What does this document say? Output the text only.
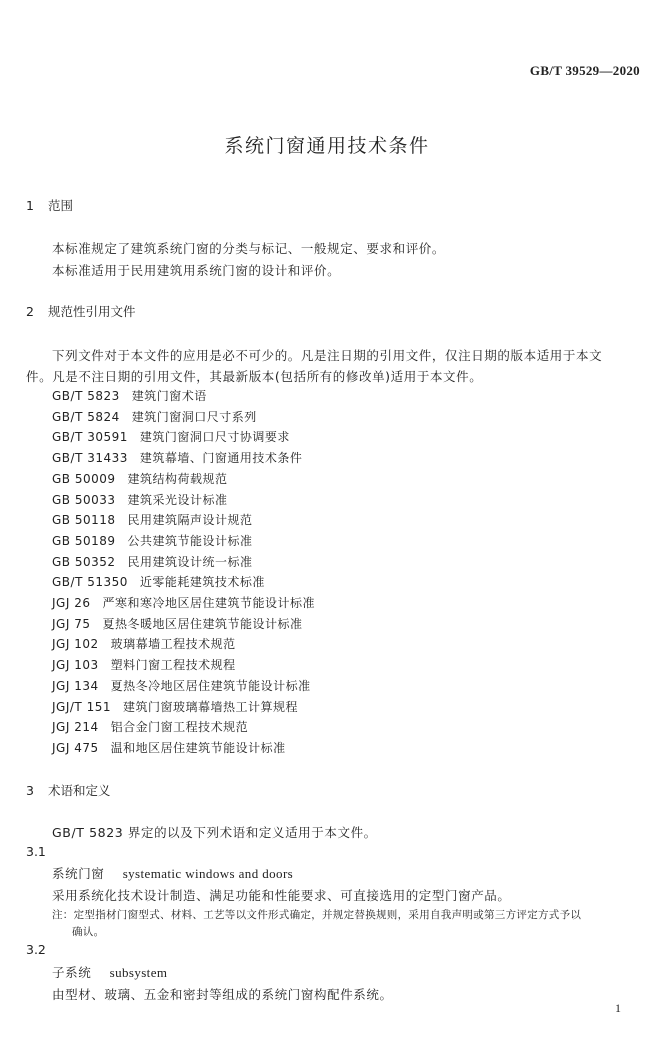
GB/T 39529—2020
系统门窗通用技术条件
1 范围
本标准规定了建筑系统门窗的分类与标记、一般规定、要求和评价。
本标准适用于民用建筑用系统门窗的设计和评价。
2 规范性引用文件
下列文件对于本文件的应用是必不可少的。凡是注日期的引用文件，仅注日期的版本适用于本文
件。凡是不注日期的引用文件，其最新版本(包括所有的修改单)适用于本文件。
GB/T 5823 建筑门窗术语
GB/T 5824 建筑门窗洞口尺寸系列
GB/T 30591 建筑门窗洞口尺寸协调要求
GB/T 31433 建筑幕墙、门窗通用技术条件
GB 50009 建筑结构荷载规范
GB 50033 建筑采光设计标准
GB 50118 民用建筑隔声设计规范
GB 50189 公共建筑节能设计标准
GB 50352 民用建筑设计统一标准
GB/T 51350 近零能耗建筑技术标准
JGJ 26 严寒和寒冷地区居住建筑节能设计标准
JGJ 75 夏热冬暖地区居住建筑节能设计标准
JGJ 102 玻璃幕墙工程技术规范
JGJ 103 塑料门窗工程技术规程
JGJ 134 夏热冬冷地区居住建筑节能设计标准
JGJ/T 151 建筑门窗玻璃幕墙热工计算规程
JGJ 214 铝合金门窗工程技术规范
JGJ 475 温和地区居住建筑节能设计标准
3 术语和定义
GB/T 5823 界定的以及下列术语和定义适用于本文件。
3.1
系统门窗 systematic windows and doors
采用系统化技术设计制造、满足功能和性能要求、可直接选用的定型门窗产品。
注：定型指材门窗型式、材料、工艺等以文件形式确定，并规定替换规则，采用自我声明或第三方评定方式予以
确认。
3.2
子系统 subsystem
由型材、玻璃、五金和密封等组成的系统门窗构配件系统。
1
